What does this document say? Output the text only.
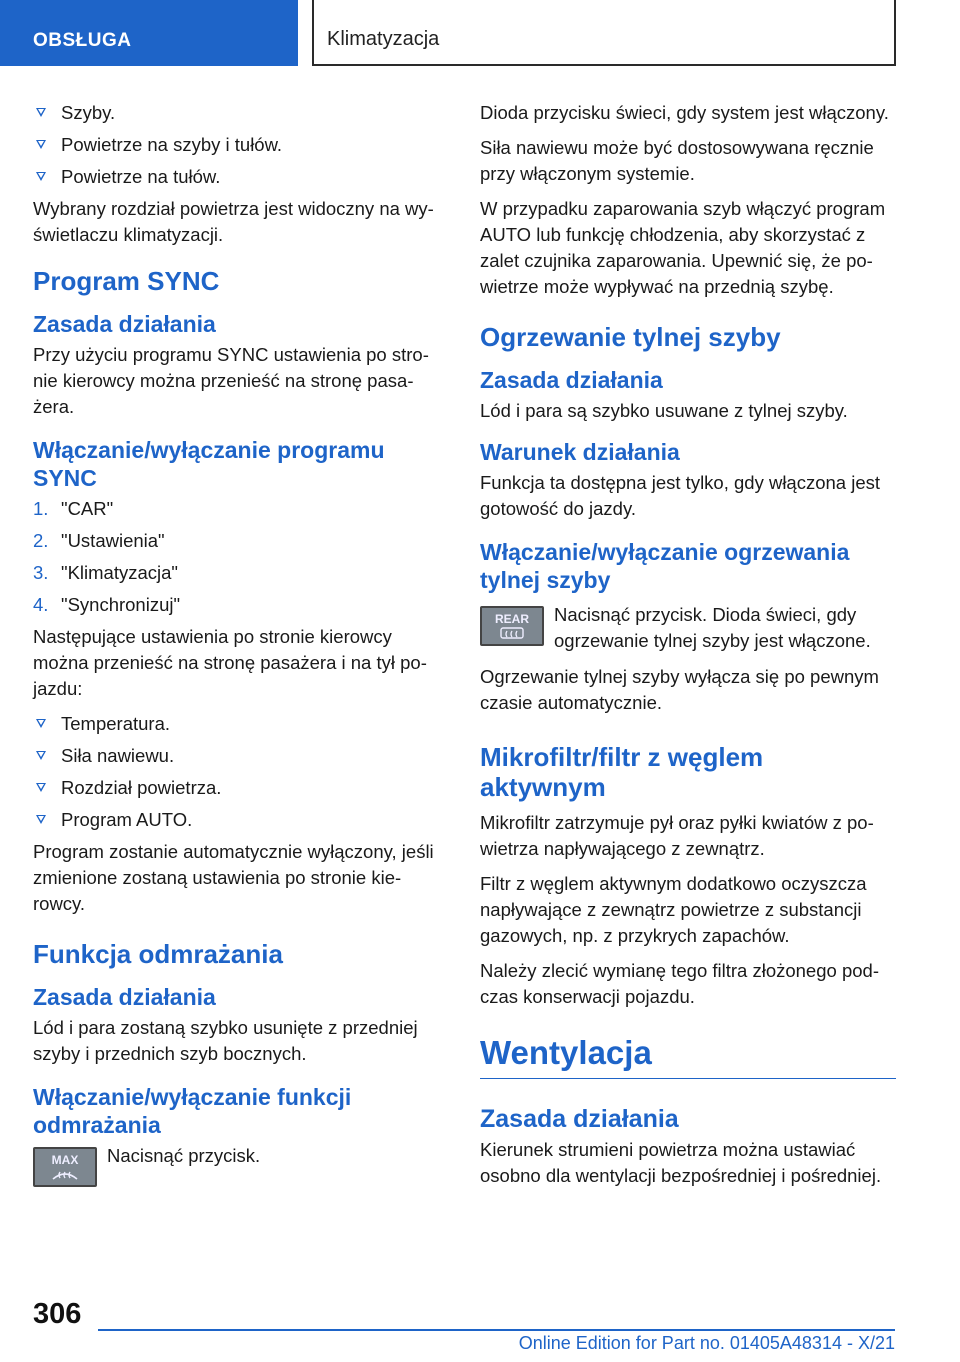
OBSŁUGA	Klimatyzacja
Szyby.
Powietrze na szyby i tułów.
Powietrze na tułów.

Wybrany rozdział powietrza jest widoczny na wyświetlaczu klimatyzacji.

Program SYNC
Zasada działania

Przy użyciu programu SYNC ustawienia po stronie kierowcy można przenieść na stronę pasażera.

Włączanie/wyłączanie programu SYNC
1. "CAR"
2. "Ustawienia"
3. "Klimatyzacja"
4. "Synchronizuj"

Następujące ustawienia po stronie kierowcy można przenieść na stronę pasażera i na tył pojazdu:

Temperatura.
Siła nawiewu.
Rozdział powietrza.
Program AUTO.

Program zostanie automatycznie wyłączony, jeśli zmienione zostaną ustawienia po stronie kierowcy.

Funkcja odmrażania
Zasada działania

Lód i para zostaną szybko usunięte z przedniej szyby i przednich szyb bocznych.

Włączanie/wyłączanie funkcji odmrażania
MAX Nacisnąć przycisk.

Dioda przycisku świeci, gdy system jest włączony.

Siła nawiewu może być dostosowywana ręcznie przy włączonym systemie.

W przypadku zaparowania szyb włączyć program AUTO lub funkcję chłodzenia, aby skorzystać z zalet czujnika zaparowania. Upewnić się, że powietrze może wypływać na przednią szybę.

Ogrzewanie tylnej szyby
Zasada działania

Lód i para są szybko usuwane z tylnej szyby.

Warunek działania

Funkcja ta dostępna jest tylko, gdy włączona jest gotowość do jazdy.

Włączanie/wyłączanie ogrzewania tylnej szyby
REAR Nacisnąć przycisk. Dioda świeci, gdy ogrzewanie tylnej szyby jest włączone.

Ogrzewanie tylnej szyby wyłącza się po pewnym czasie automatycznie.

Mikrofiltr/filtr z węglem aktywnym

Mikrofiltr zatrzymuje pył oraz pyłki kwiatów z powietrza napływającego z zewnątrz.

Filtr z węglem aktywnym dodatkowo oczyszcza napływające z zewnątrz powietrze z substancji gazowych, np. z przykrych zapachów.

Należy zlecić wymianę tego filtra złożonego podczas konserwacji pojazdu.

Wentylacja
Zasada działania

Kierunek strumieni powietrza można ustawiać osobno dla wentylacji bezpośredniej i pośredniej.

306
Online Edition for Part no. 01405A48314 - X/21
